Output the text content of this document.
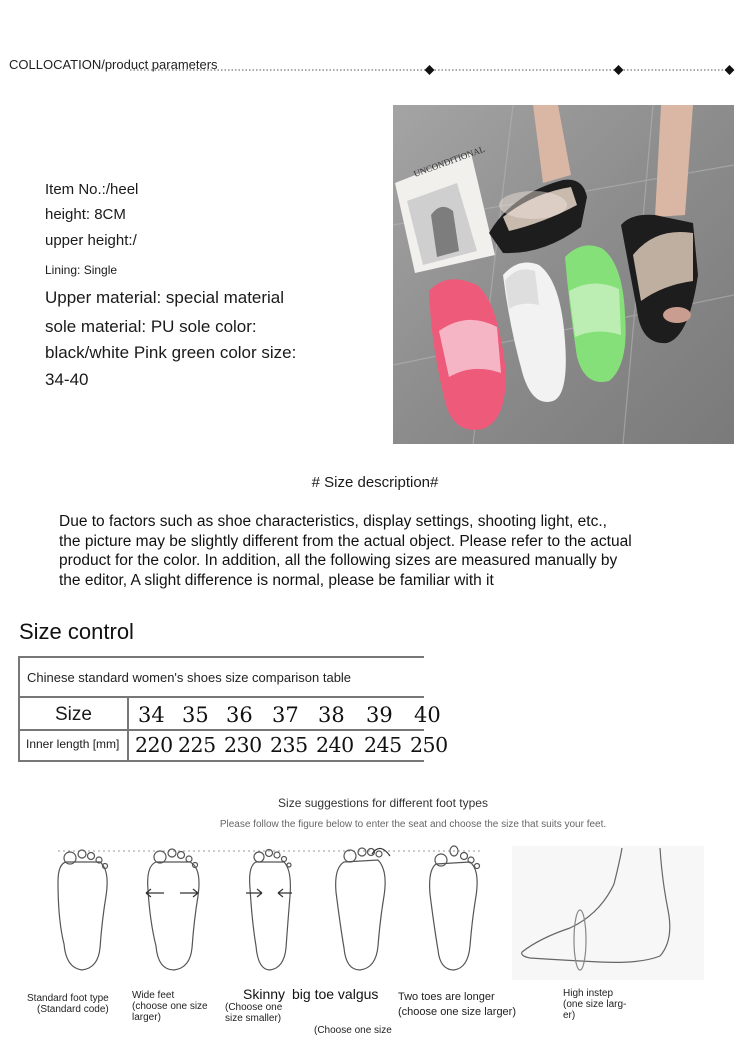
COLLOCATION/product parameters
Item No.:/heel
height: 8CM
upper height:/
Lining: Single
Upper material: special material
sole material: PU sole color:
black/white Pink green color size:
34-40
UNCONDITIONAL
# Size description#
Due to factors such as shoe characteristics, display settings, shooting light, etc.,
the picture may be slightly different from the actual object. Please refer to the actual
product for the color. In addition, all the following sizes are measured manually by
the editor, A slight difference is normal, please be familiar with it
Size control
Chinese standard women's shoes size comparison table
Size
Inner length [mm]
34 35 36 37 38 39 40
220 225 230 235 240 245 250
Size suggestions for different foot types
Please follow the figure below to enter the seat and choose the size that suits your feet.
Standard foot type
(Standard code)
Wide feet
(choose one size
larger)
Skinny
(Choose one
size smaller)
big toe valgus
(Choose one size
Two toes are longer
(choose one size larger)
High instep
(one size larg-
er)
